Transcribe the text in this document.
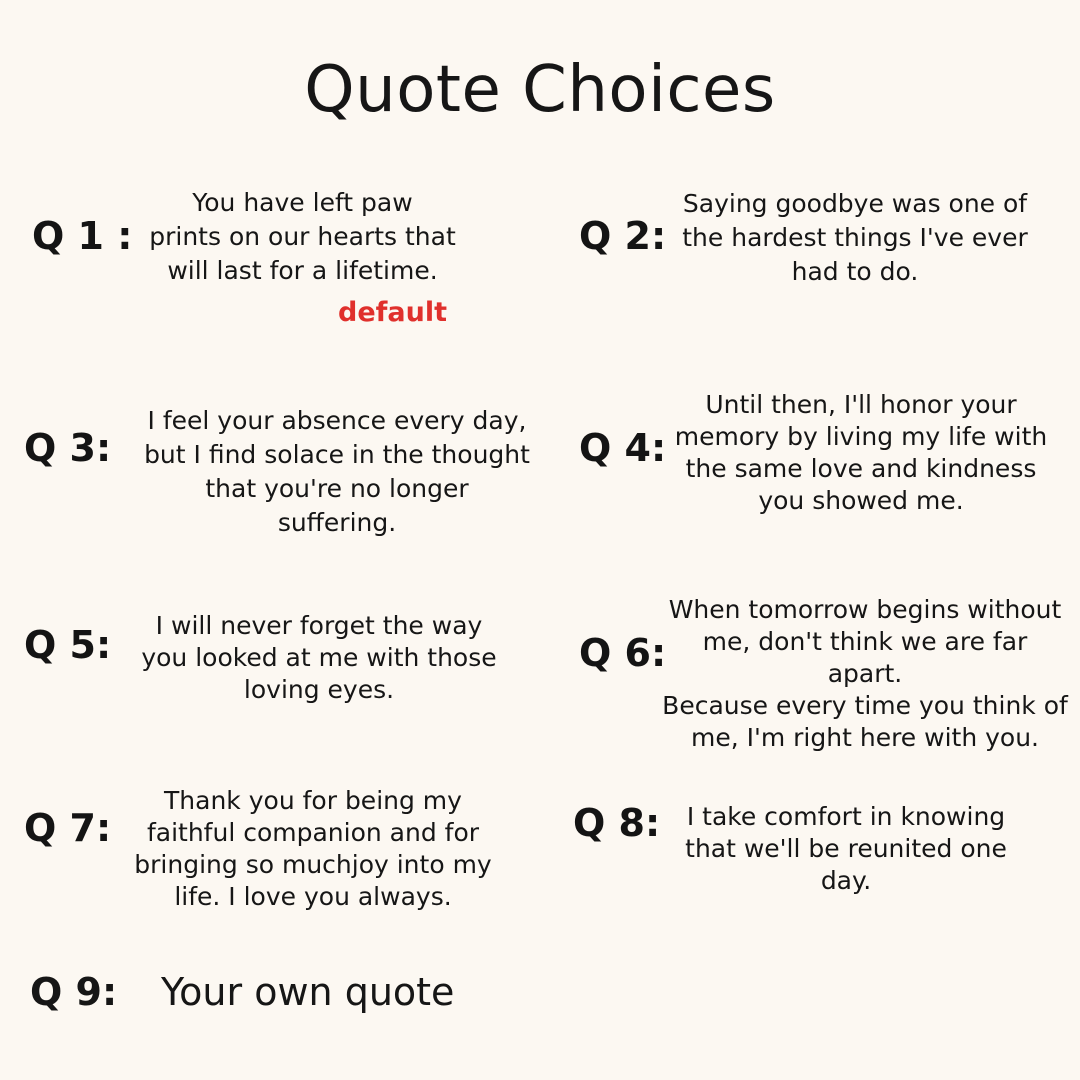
Quote Choices
Q 1 :
You have left paw
prints on our hearts that
will last for a lifetime.
default
Q 2:
Saying goodbye was one of
the hardest things I've ever
had to do.
Q 3:
I feel your absence every day,
but I find solace in the thought
that you're no longer
suffering.
Q 4:
Until then, I'll honor your
memory by living my life with
the same love and kindness
you showed me.
Q 5:	I will never forget the way
you looked at me with those
loving eyes.
Q 6:
When tomorrow begins without
me, don't think we are far apart.
Because every time you think of
me, I'm right here with you.
Q 7:
Thank you for being my
faithful companion and for
bringing so muchjoy into my
life. I love you always.
Q 8:	I take comfort in knowing
that we'll be reunited one
day.
Q 9: Your own quote
